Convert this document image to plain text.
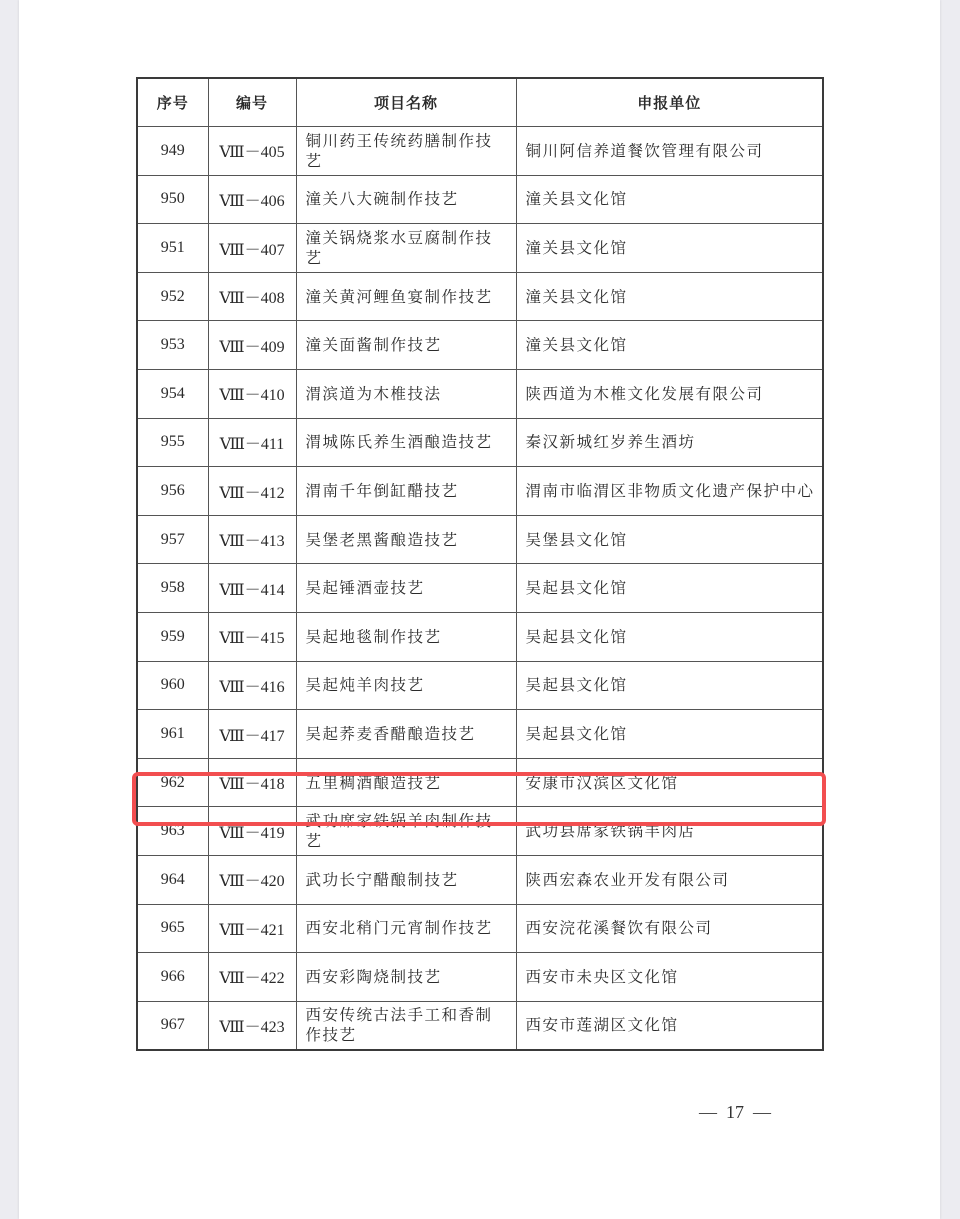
序号	编号	项目名称	申报单位
949	Ⅷ－405	铜川药王传统药膳制作技艺	铜川阿信养道餐饮管理有限公司
950	Ⅷ－406	潼关八大碗制作技艺	潼关县文化馆
951	Ⅷ－407	潼关锅烧浆水豆腐制作技艺	潼关县文化馆
952	Ⅷ－408	潼关黄河鲤鱼宴制作技艺	潼关县文化馆
953	Ⅷ－409	潼关面酱制作技艺	潼关县文化馆
954	Ⅷ－410	渭滨道为木椎技法	陕西道为木椎文化发展有限公司
955	Ⅷ－411	渭城陈氏养生酒酿造技艺	秦汉新城红岁养生酒坊
956	Ⅷ－412	渭南千年倒缸醋技艺	渭南市临渭区非物质文化遗产保护中心
957	Ⅷ－413	吴堡老黑酱酿造技艺	吴堡县文化馆
958	Ⅷ－414	吴起锤酒壶技艺	吴起县文化馆
959	Ⅷ－415	吴起地毯制作技艺	吴起县文化馆
960	Ⅷ－416	吴起炖羊肉技艺	吴起县文化馆
961	Ⅷ－417	吴起荞麦香醋酿造技艺	吴起县文化馆
962	Ⅷ－418	五里稠酒酿造技艺	安康市汉滨区文化馆
963	Ⅷ－419	武功席家铁锅羊肉制作技艺	武功县席家铁锅羊肉店
964	Ⅷ－420	武功长宁醋酿制技艺	陕西宏森农业开发有限公司
965	Ⅷ－421	西安北稍门元宵制作技艺	西安浣花溪餐饮有限公司
966	Ⅷ－422	西安彩陶烧制技艺	西安市未央区文化馆
967	Ⅷ－423	西安传统古法手工和香制作技艺	西安市莲湖区文化馆
—  17  —
